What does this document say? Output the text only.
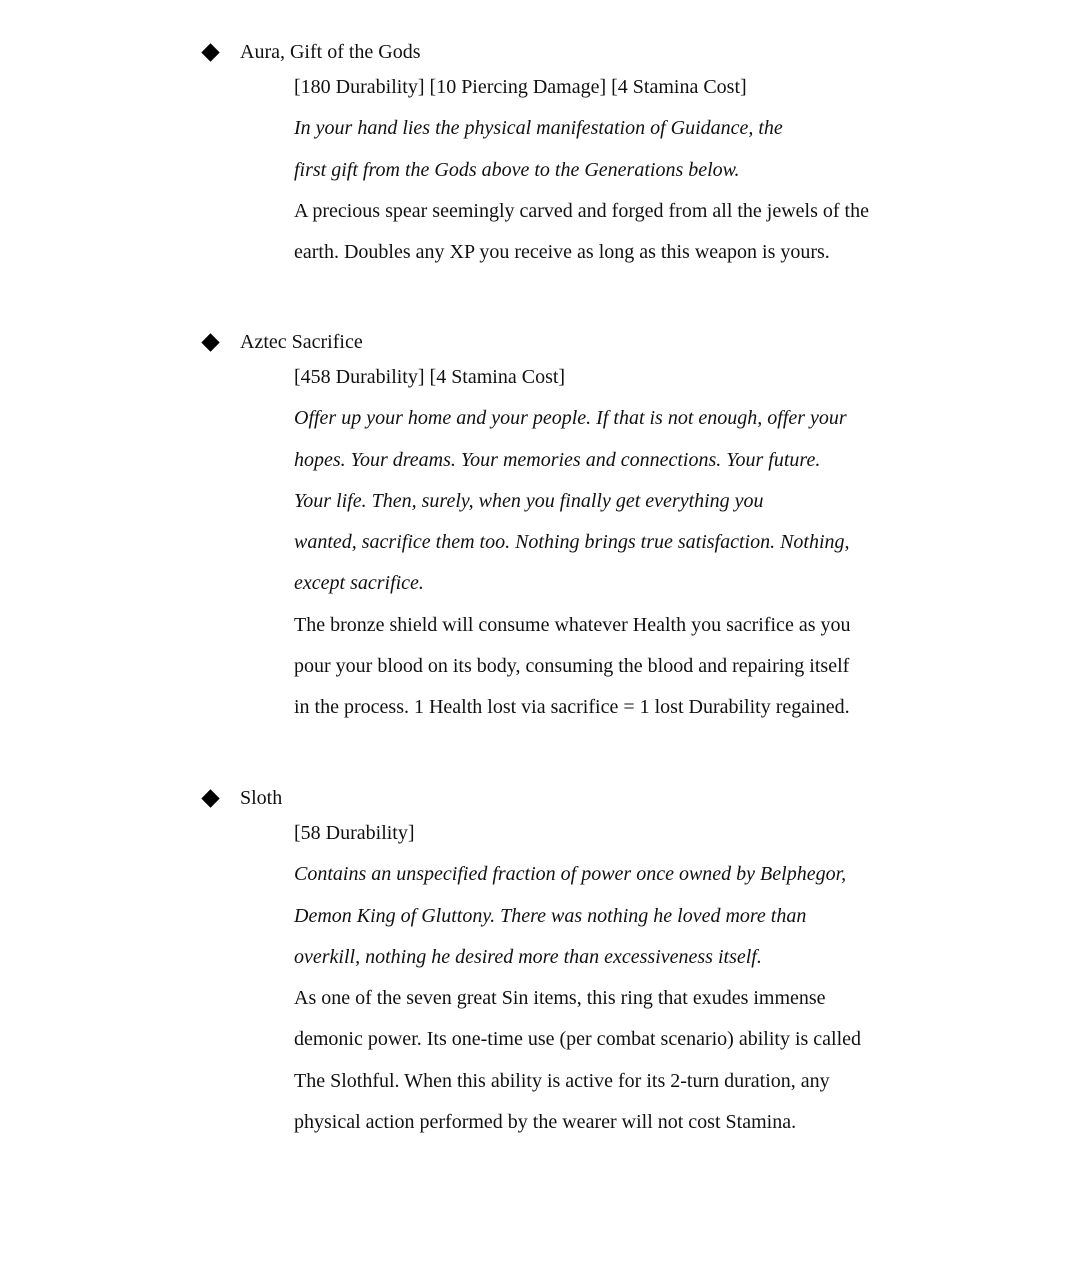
Aura, Gift of the Gods
[180 Durability] [10 Piercing Damage] [4 Stamina Cost]
In your hand lies the physical manifestation of Guidance, the
first gift from the Gods above to the Generations below.
A precious spear seemingly carved and forged from all the jewels of the
earth. Doubles any XP you receive as long as this weapon is yours.
Aztec Sacrifice
[458 Durability] [4 Stamina Cost]
Offer up your home and your people. If that is not enough, offer your
hopes. Your dreams. Your memories and connections. Your future.
Your life. Then, surely, when you finally get everything you
wanted, sacrifice them too. Nothing brings true satisfaction. Nothing,
except sacrifice.
The bronze shield will consume whatever Health you sacrifice as you
pour your blood on its body, consuming the blood and repairing itself
in the process. 1 Health lost via sacrifice = 1 lost Durability regained.
Sloth
[58 Durability]
Contains an unspecified fraction of power once owned by Belphegor,
Demon King of Gluttony. There was nothing he loved more than
overkill, nothing he desired more than excessiveness itself.
As one of the seven great Sin items, this ring that exudes immense
demonic power. Its one-time use (per combat scenario) ability is called
The Slothful. When this ability is active for its 2-turn duration, any
physical action performed by the wearer will not cost Stamina.
